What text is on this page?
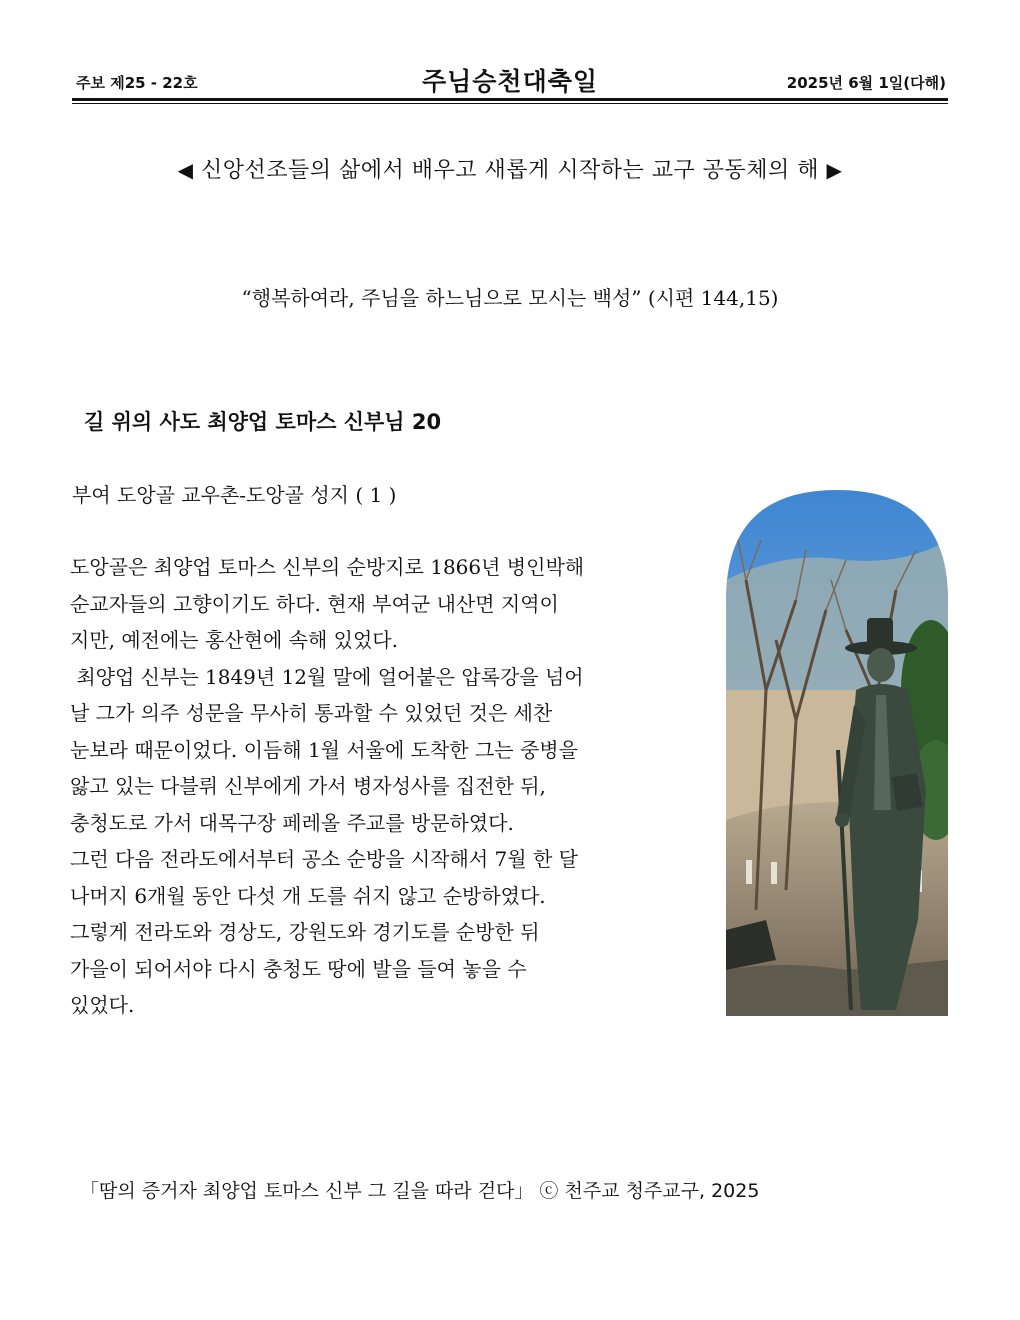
주보 제25 - 22호	주님승천대축일	2025년 6월 1일(다해)
◀ 신앙선조들의 삶에서 배우고 새롭게 시작하는 교구 공동체의 해 ▶
“행복하여라, 주님을 하느님으로 모시는 백성” (시편 144,15)
길 위의 사도 최양업 토마스 신부님 20
부여 도앙골 교우촌-도앙골 성지 ( 1 )
도앙골은 최양업 토마스 신부의 순방지로 1866년 병인박해
순교자들의 고향이기도 하다. 현재 부여군 내산면 지역이
지만, 예전에는 홍산현에 속해 있었다.
최양업 신부는 1849년 12월 말에 얼어붙은 압록강을 넘어
날 그가 의주 성문을 무사히 통과할 수 있었던 것은 세찬
눈보라 때문이었다. 이듬해 1월 서울에 도착한 그는 중병을
앓고 있는 다블뤼 신부에게 가서 병자성사를 집전한 뒤,
충청도로 가서 대목구장 페레올 주교를 방문하였다.
그런 다음 전라도에서부터 공소 순방을 시작해서 7월 한 달
나머지 6개월 동안 다섯 개 도를 쉬지 않고 순방하였다.
그렇게 전라도와 경상도, 강원도와 경기도를 순방한 뒤
가을이 되어서야 다시 충청도 땅에 발을 들여 놓을 수
있었다.
「땀의 증거자 최양업 토마스 신부 그 길을 따라 걷다」 ⓒ 천주교 청주교구, 2025
